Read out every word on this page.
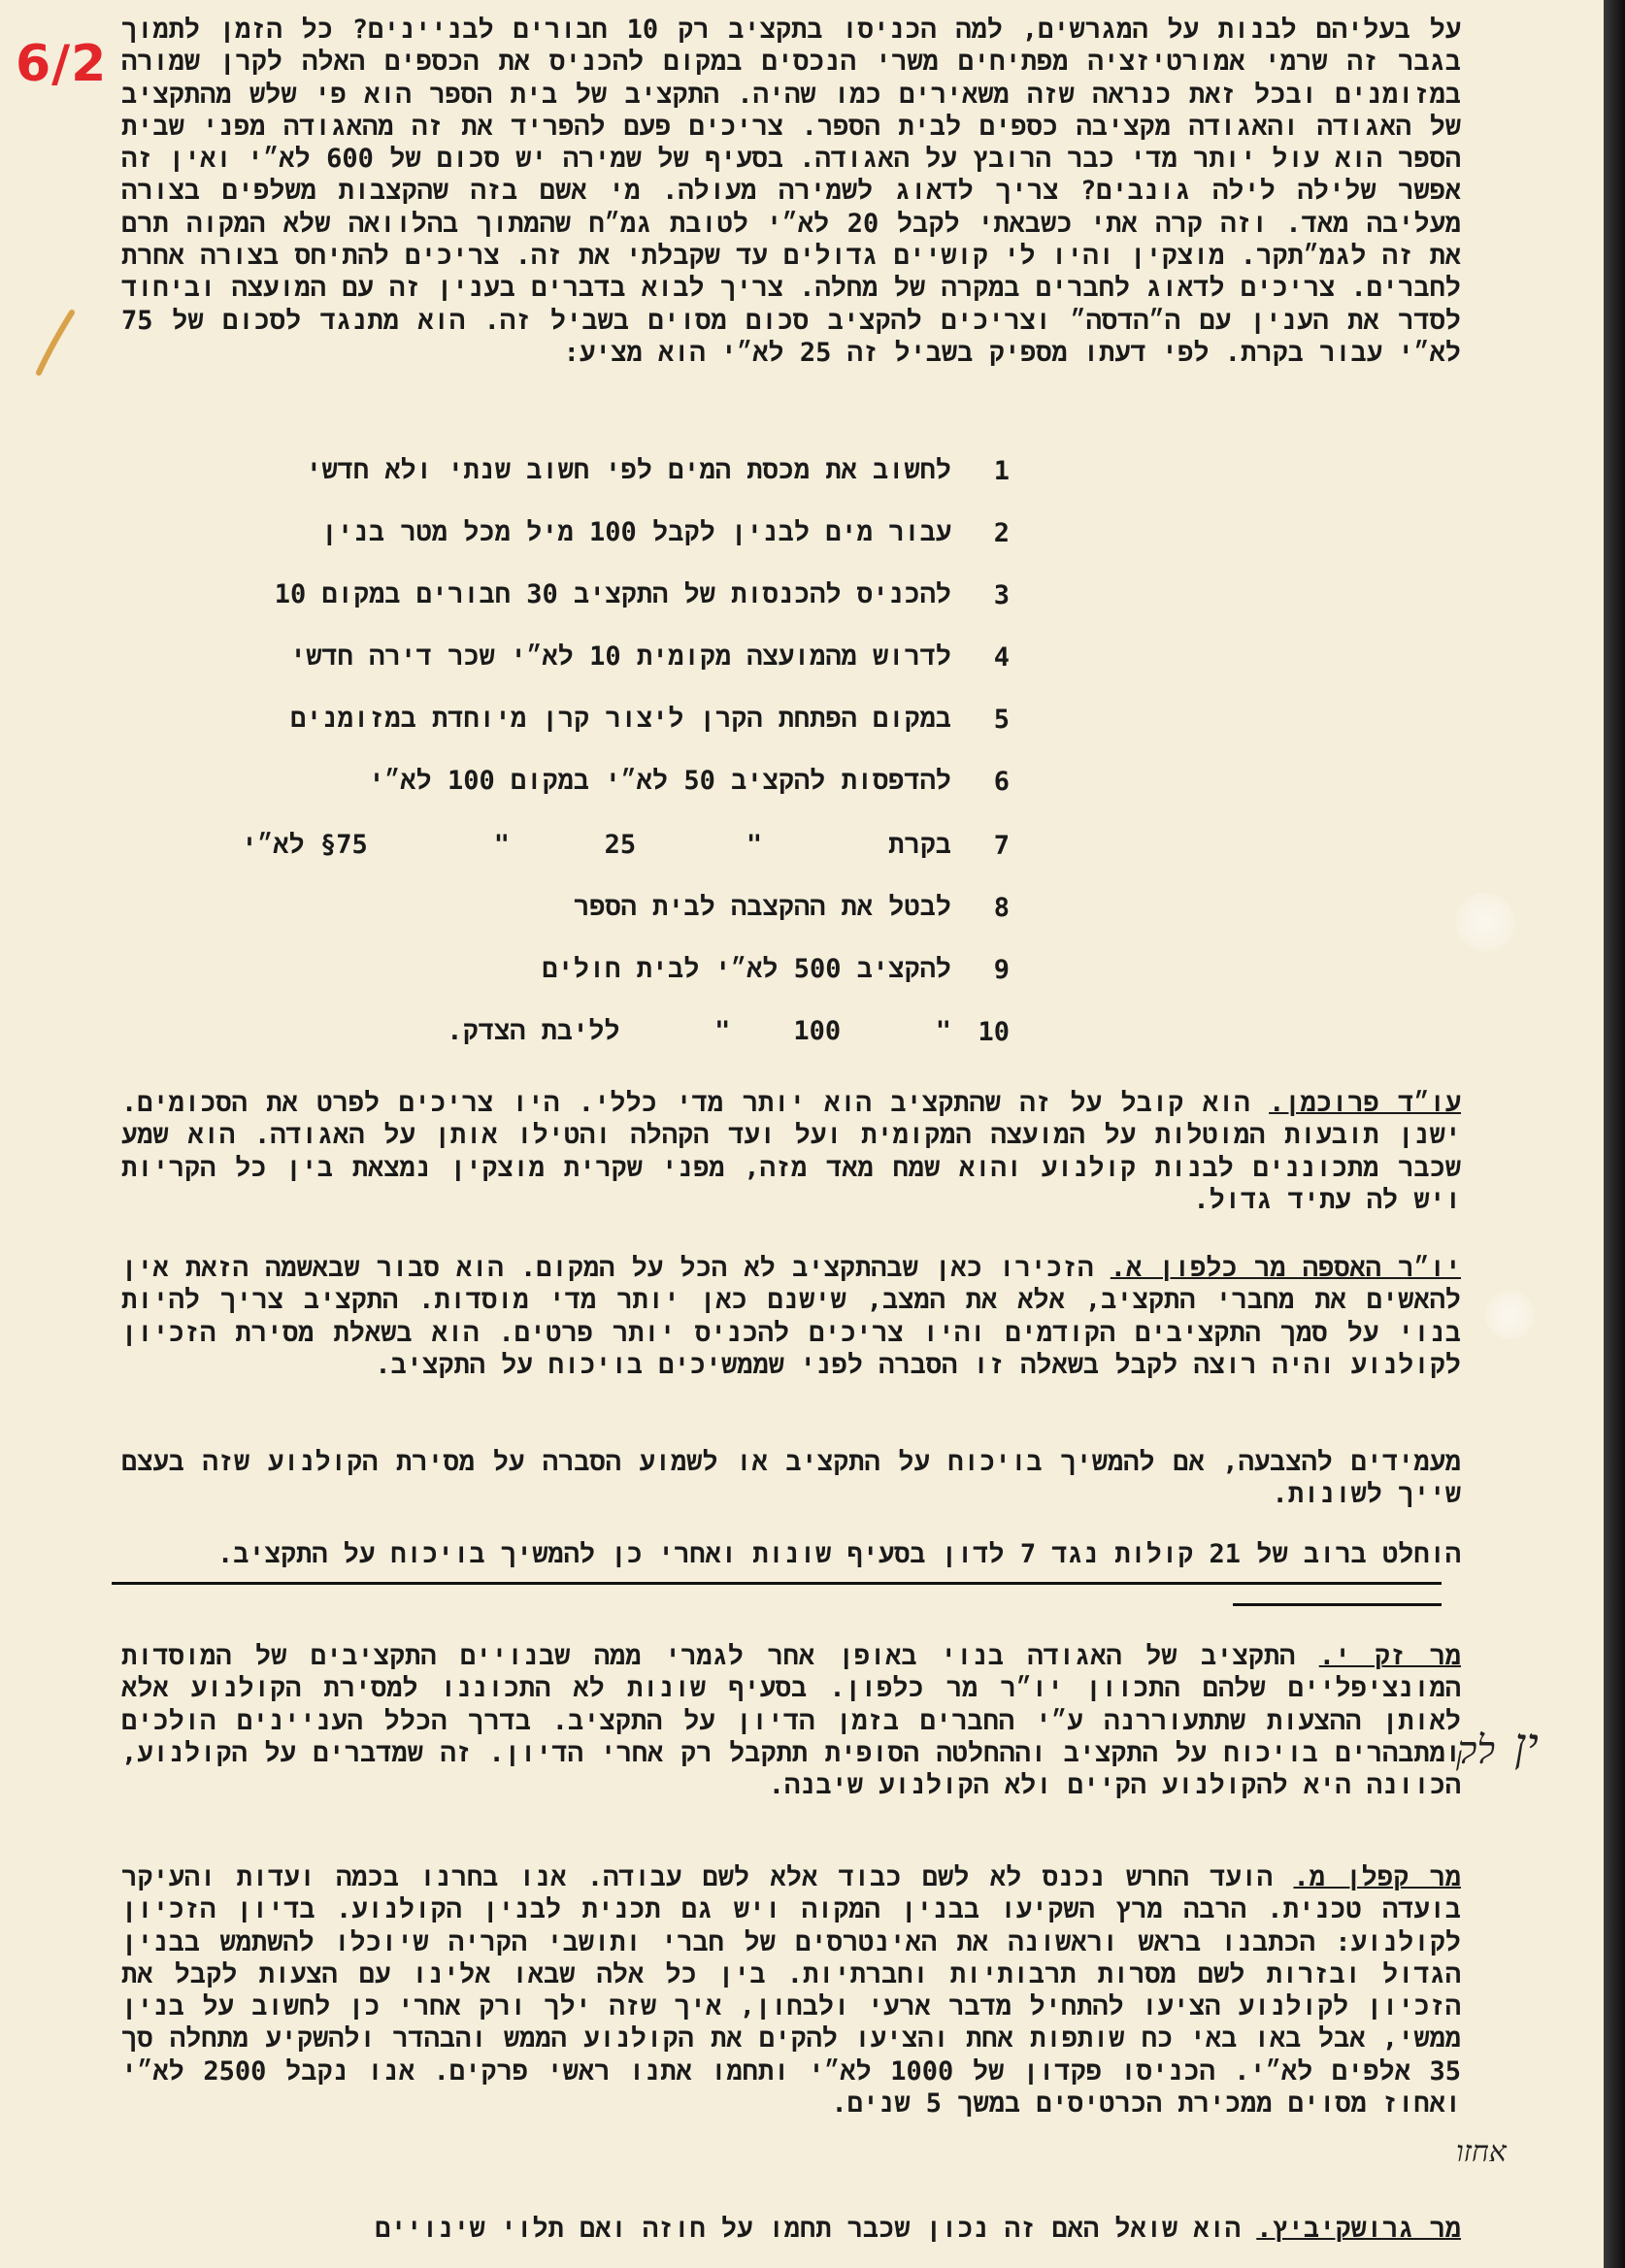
6/2

על בעליהם לבנות על המגרשים, למה הכניסו בתקציב רק 10 חבורים לבניינים? כל הזמן לתמוך בגבר זה שרמי אמורטיזציה מפתיחים משרי הנכסים במקום להכניס את הכספים האלה לקרן שמורה במזומנים ובכל זאת כנראה שזה משאירים כמו שהיה. התקציב של בית הספר הוא פי שלש מהתקציב של האגודה והאגודה מקציבה כספים לבית הספר. צריכים פעם להפריד את זה מהאגודה מפני שבית הספר הוא עול יותר מדי כבר הרובץ על האגודה. בסעיף של שמירה יש סכום של 600 לא״י ואין זה אפשר שלילה לילה גונבים? צריך לדאוג לשמירה מעולה. מי אשם בזה שהקצבות משלפים בצורה מעליבה מאד. וזה קרה אתי כשבאתי לקבל 20 לא״י לטובת גמ״ח שהמתוך בהלוואה שלא המקוה תרם את זה לגמ״תקר. מוצקין והיו לי קושיים גדולים עד שקבלתי את זה. צריכים להתיחס בצורה אחרת לחברים. צריכים לדאוג לחברים במקרה של מחלה. צריך לבוא בדברים בענין זה עם המועצה וביחוד לסדר את הענין עם ה״הדסה״ וצריכים להקציב סכום מסוים בשביל זה. הוא מתנגד לסכום של 75 לא״י עבור בקרת. לפי דעתו מספיק בשביל זה 25 לא״י הוא מציע:

1
לחשוב את מכסת המים לפי חשוב שנתי ולא חדשי
2
עבור מים לבנין לקבל 100 מיל מכל מטר בנין
3
להכניס להכנסות של התקציב 30 חבורים במקום 10
4
לדרוש מהמועצה מקומית 10 לא״י שכר דירה חדשי
5
במקום הפתחת הקרן ליצור קרן מיוחדת במזומנים
6
להדפסות להקציב 50 לא״י במקום 100 לא״י
7
בקרת        "       25      "        75§ לא״י
8
לבטל את ההקצבה לבית הספר
9
להקציב 500 לא״י לבית חולים
10
"      100    "      לליבת הצדק.

עו״ד פרוכמן. הוא קובל על זה שהתקציב הוא יותר מדי כללי. היו צריכים לפרט את הסכומים. ישנן תובעות המוטלות על המועצה המקומית ועל ועד הקהלה והטילו אותן על האגודה. הוא שמע שכבר מתכוננים לבנות קולנוע והוא שמח מאד מזה, מפני שקרית מוצקין נמצאת בין כל הקריות ויש לה עתיד גדול.

יו״ר האספה מר כלפון א. הזכירו כאן שבהתקציב לא הכל על המקום. הוא סבור שבאשמה הזאת אין להאשים את מחברי התקציב, אלא את המצב, שישנם כאן יותר מדי מוסדות. התקציב צריך להיות בנוי על סמך התקציבים הקודמים והיו צריכים להכניס יותר פרטים. הוא בשאלת מסירת הזכיון לקולנוע והיה רוצה לקבל בשאלה זו הסברה לפני שממשיכים בויכוח על התקציב.

מעמידים להצבעה, אם להמשיך בויכוח על התקציב או לשמוע הסברה על מסירת הקולנוע שזה בעצם שייך לשונות.

הוחלט ברוב של 21 קולות נגד 7 לדון בסעיף שונות ואחרי כן להמשיך בויכוח על התקציב.

מר זק י. התקציב של האגודה בנוי באופן אחר לגמרי ממה שבנויים התקציבים של המוסדות המונציפליים שלהם התכוון יו״ר מר כלפון. בסעיף שונות לא התכוננו למסירת הקולנוע אלא לאותן ההצעות שתתעוררנה ע״י החברים בזמן הדיון על התקציב. בדרך הכלל העניינים הולכים ומתבהרים בויכוח על התקציב וההחלטה הסופית תתקבל רק אחרי הדיון. זה שמדברים על הקולנוע, הכוונה היא להקולנוע הקיים ולא הקולנוע שיבנה.

ין
לק

מר קפלן מ. הועד החרש נכנס לא לשם כבוד אלא לשם עבודה. אנו בחרנו בכמה ועדות והעיקר בועדה טכנית. הרבה מרץ השקיעו בבנין המקוה ויש גם תכנית לבנין הקולנוע. בדיון הזכיון לקולנוע: הכתבנו בראש וראשונה את האינטרסים של חברי ותושבי הקריה שיוכלו להשתמש בבנין הגדול ובזרות לשם מסרות תרבותיות וחברתיות. בין כל אלה שבאו אלינו עם הצעות לקבל את הזכיון לקולנוע הציעו להתחיל מדבר ארעי ולבחון, איך שזה ילך ורק אחרי כן לחשוב על בנין ממשי, אבל באו באי כח שותפות אחת והציעו להקים את הקולנוע הממש והבהדר ולהשקיע מתחלה סך 35 אלפים לא״י. הכניסו פקדון של 1000 לא״י ותחמו אתנו ראשי פרקים. אנו נקבל 2500 לא״י ואחוז מסוים ממכירת הכרטיסים במשך 5 שנים.

אחזו

מר גרושקיביץ. הוא שואל האם זה נכון שכבר תחמו על חוזה ואם תלוי שינויים
